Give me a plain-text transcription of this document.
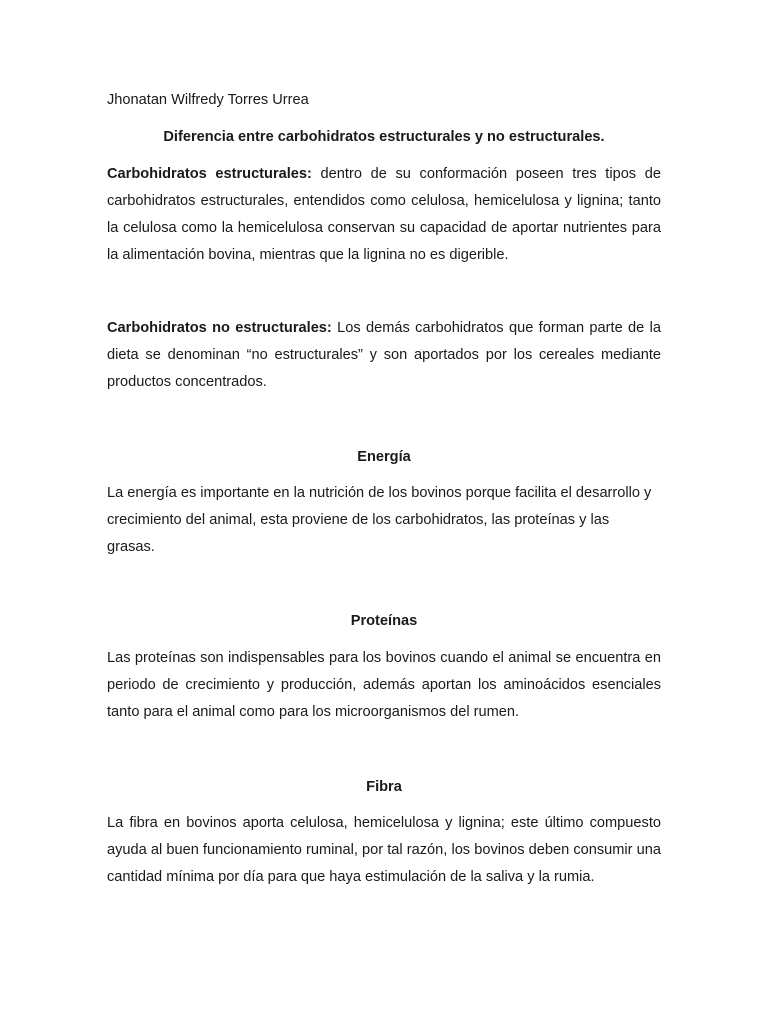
Jhonatan Wilfredy Torres Urrea

Diferencia entre carbohidratos estructurales y no estructurales.

Carbohidratos estructurales: dentro de su conformación poseen tres tipos de carbohidratos estructurales, entendidos como celulosa, hemicelulosa y lignina; tanto la celulosa como la hemicelulosa conservan su capacidad de aportar nutrientes para la alimentación bovina, mientras que la lignina no es digerible.

Carbohidratos no estructurales: Los demás carbohidratos que forman parte de la dieta se denominan “no estructurales” y son aportados por los cereales mediante productos concentrados.

Energía

La energía es importante en la nutrición de los bovinos porque facilita el desarrollo y crecimiento del animal, esta proviene de los carbohidratos, las proteínas y las grasas.

Proteínas

Las proteínas son indispensables para los bovinos cuando el animal se encuentra en periodo de crecimiento y producción, además aportan los aminoácidos esenciales tanto para el animal como para los microorganismos del rumen.

Fibra

La fibra en bovinos aporta celulosa, hemicelulosa y lignina; este último compuesto ayuda al buen funcionamiento ruminal, por tal razón, los bovinos deben consumir una cantidad mínima por día para que haya estimulación de la saliva y la rumia.
